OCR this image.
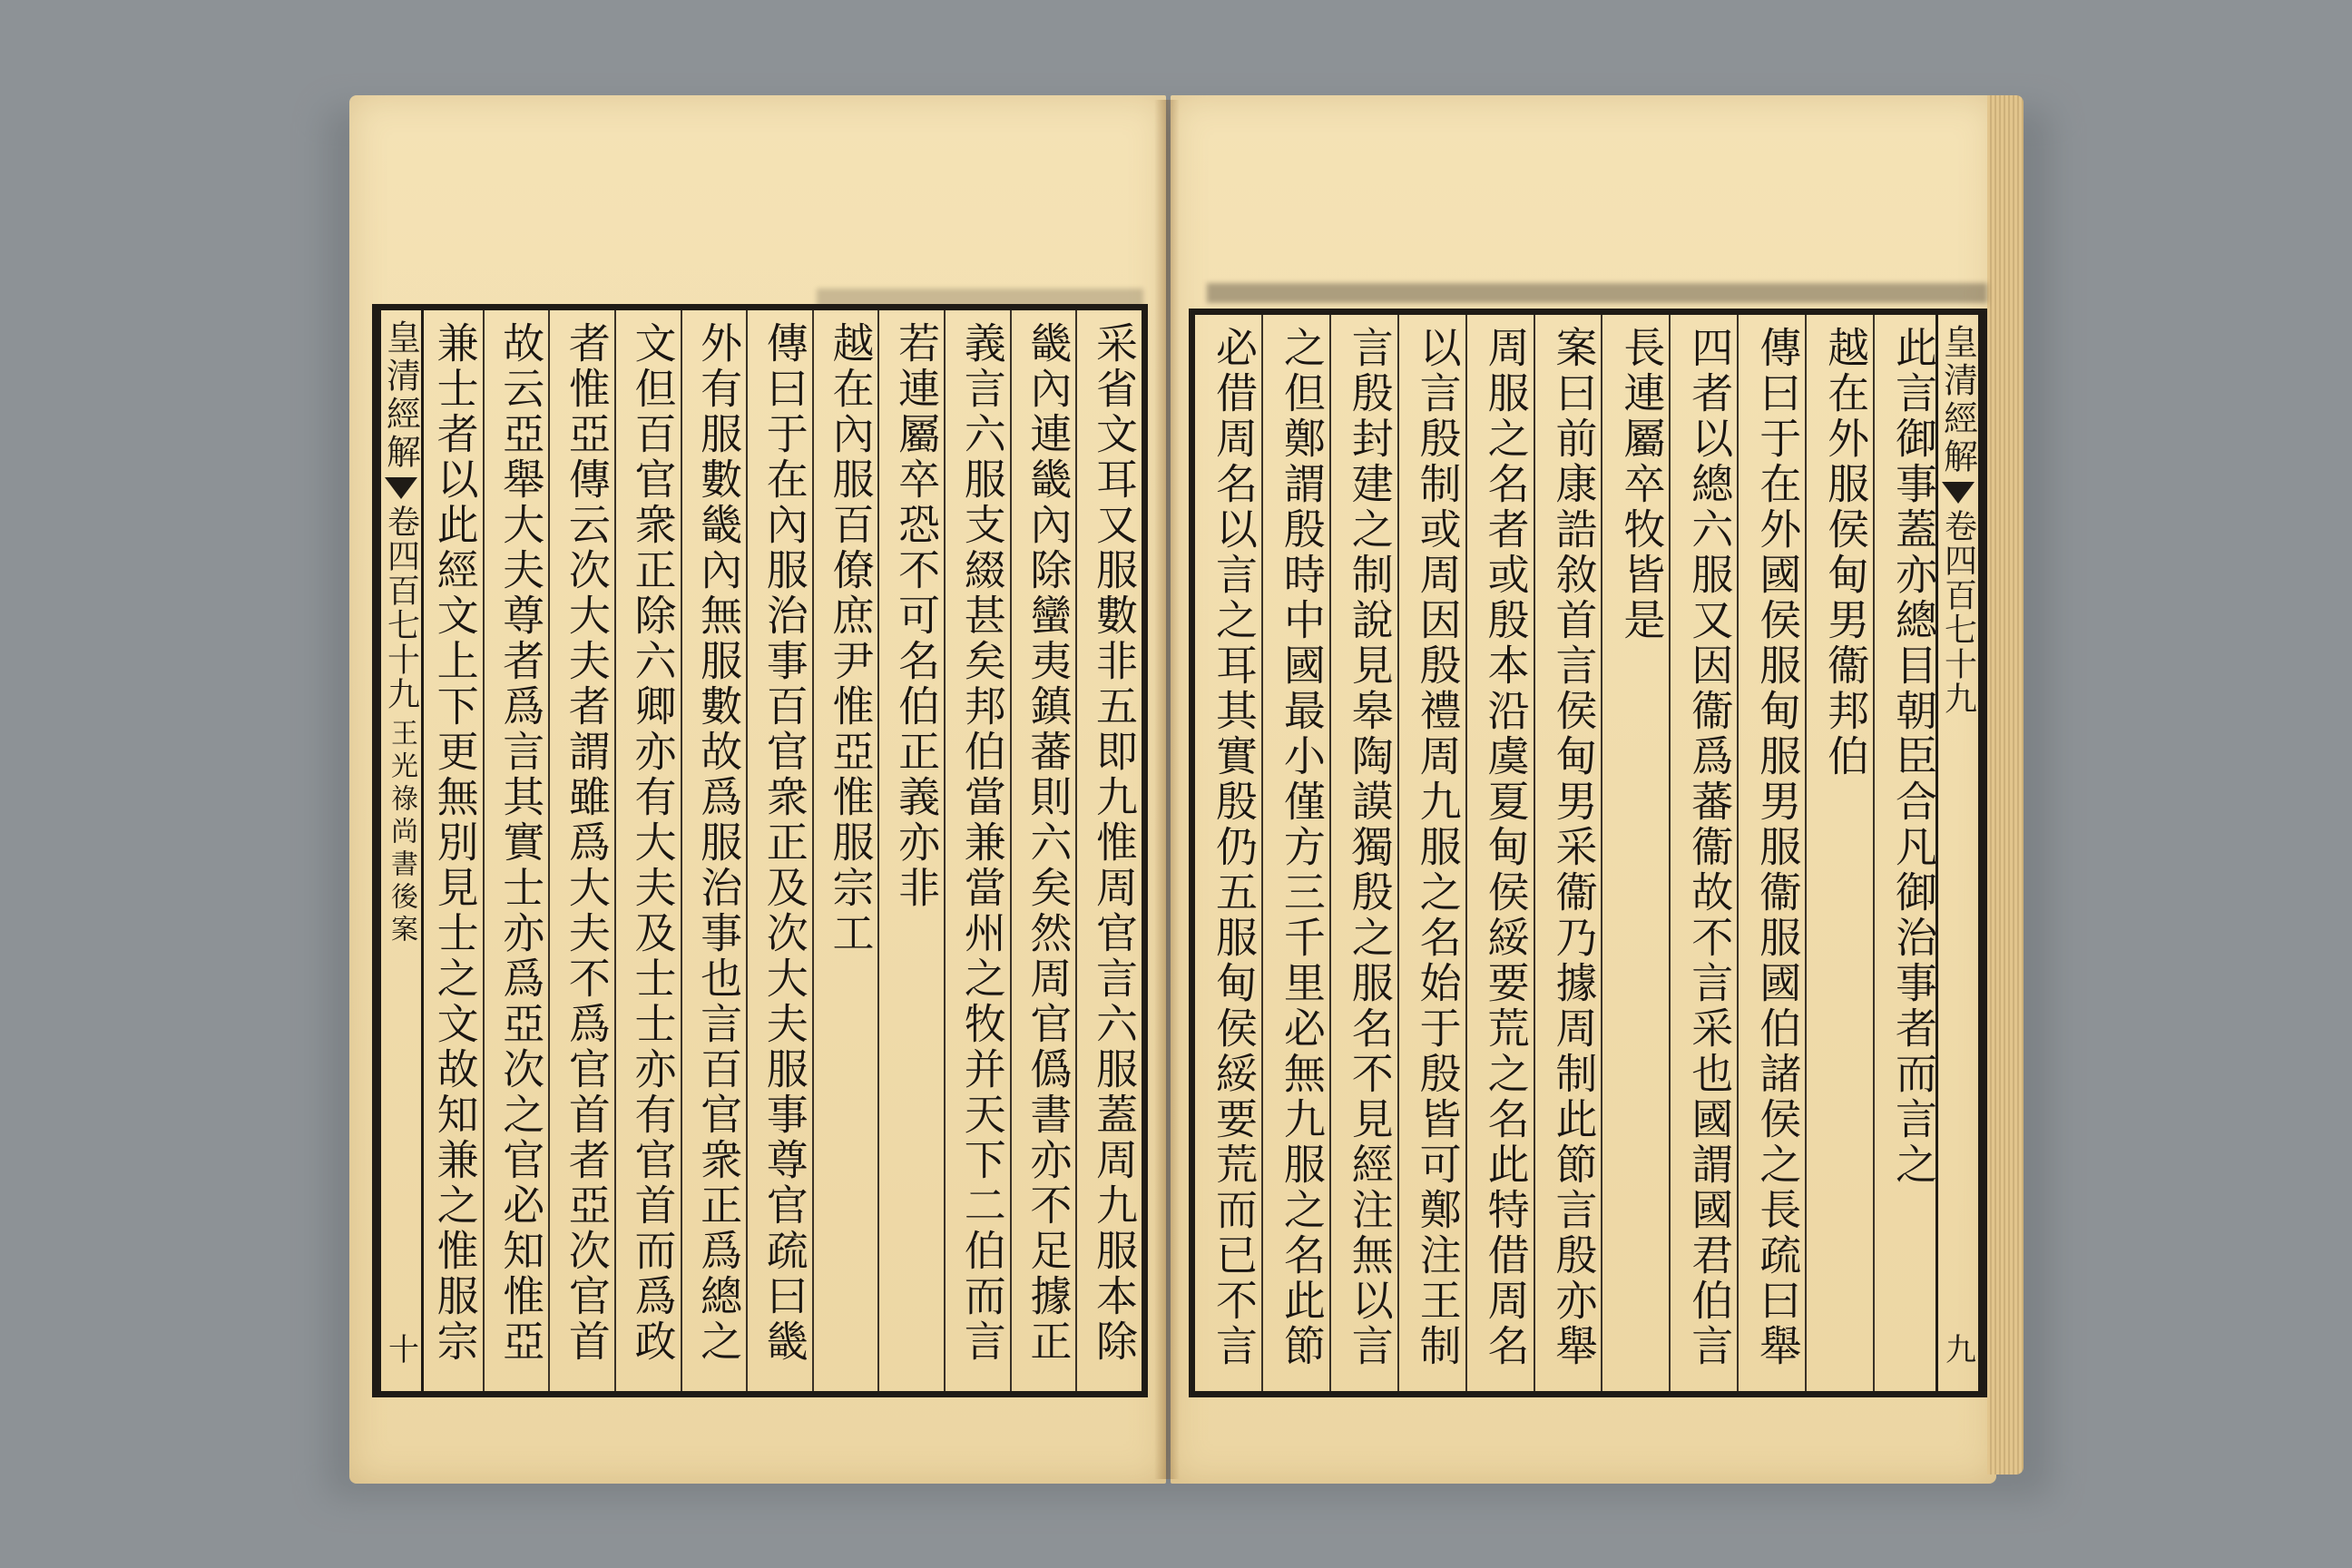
皇清經解
卷四百七十九
王光祿尚書後案
十	采省文耳又服數非五即九惟周官言六服蓋周九服本除
畿內連畿內除蠻夷鎮蕃則六矣然周官僞書亦不足據正
義言六服支綴甚矣邦伯當兼當州之牧并天下二伯而言
若連屬卒恐不可名伯正義亦非
越在內服百僚庶尹惟亞惟服宗工
傳曰于在內服治事百官衆正及次大夫服事尊官疏曰畿
外有服數畿內無服數故爲服治事也言百官衆正爲總之
文但百官衆正除六卿亦有大夫及士士亦有官首而爲政
者惟亞傳云次大夫者謂雖爲大夫不爲官首者亞次官首
故云亞舉大夫尊者爲言其實士亦爲亞次之官必知惟亞
兼士者以此經文上下更無別見士之文故知兼之惟服宗	此言御事蓋亦總目朝臣合凡御治事者而言之
越在外服侯甸男衞邦伯
傳曰于在外國侯服甸服男服衞服國伯諸侯之長疏曰舉
四者以總六服又因衞爲蕃衞故不言采也國謂國君伯言
長連屬卒牧皆是
案曰前康誥敘首言侯甸男采衞乃據周制此節言殷亦舉
周服之名者或殷本沿虞夏甸侯綏要荒之名此特借周名
以言殷制或周因殷禮周九服之名始于殷皆可鄭注王制
言殷封建之制說見皋陶謨獨殷之服名不見經注無以言
之但鄭謂殷時中國最小僅方三千里必無九服之名此節
必借周名以言之耳其實殷仍五服甸侯綏要荒而已不言	皇清經解
卷四百七十九
九
